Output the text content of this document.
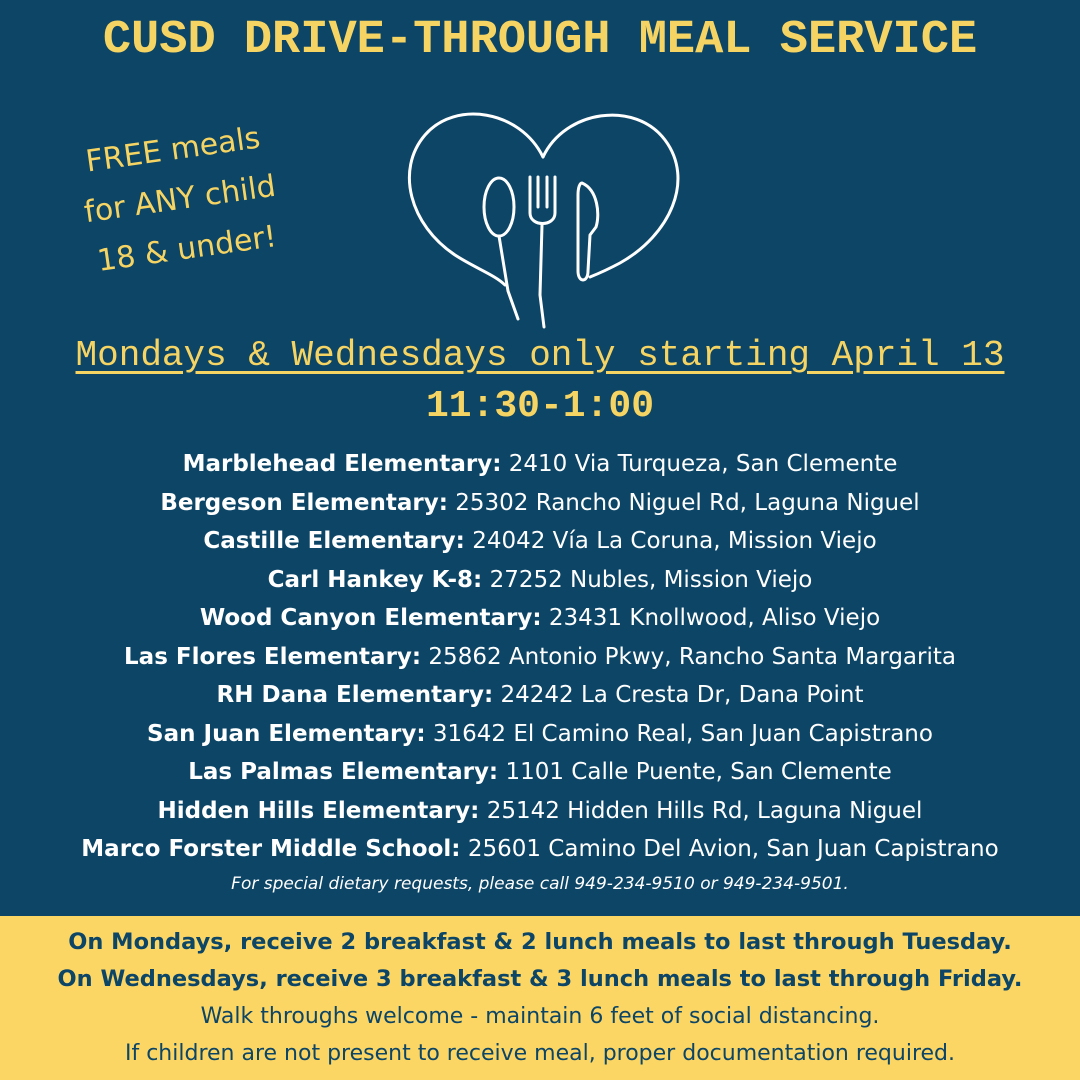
CUSD DRIVE-THROUGH MEAL SERVICE
FREE meals
for ANY child
18 & under!
Mondays & Wednesdays only starting April 13
11:30-1:00
Marblehead Elementary: 2410 Via Turqueza, San Clemente
Bergeson Elementary: 25302 Rancho Niguel Rd, Laguna Niguel
Castille Elementary: 24042 Vía La Coruna, Mission Viejo
Carl Hankey K-8: 27252 Nubles, Mission Viejo
Wood Canyon Elementary: 23431 Knollwood, Aliso Viejo
Las Flores Elementary: 25862 Antonio Pkwy, Rancho Santa Margarita
RH Dana Elementary: 24242 La Cresta Dr, Dana Point
San Juan Elementary: 31642 El Camino Real, San Juan Capistrano
Las Palmas Elementary: 1101 Calle Puente, San Clemente
Hidden Hills Elementary: 25142 Hidden Hills Rd, Laguna Niguel
Marco Forster Middle School: 25601 Camino Del Avion, San Juan Capistrano
For special dietary requests, please call 949-234-9510 or 949-234-9501.
On Mondays, receive 2 breakfast & 2 lunch meals to last through Tuesday.
On Wednesdays, receive 3 breakfast & 3 lunch meals to last through Friday.
Walk throughs welcome - maintain 6 feet of social distancing.
If children are not present to receive meal, proper documentation required.
